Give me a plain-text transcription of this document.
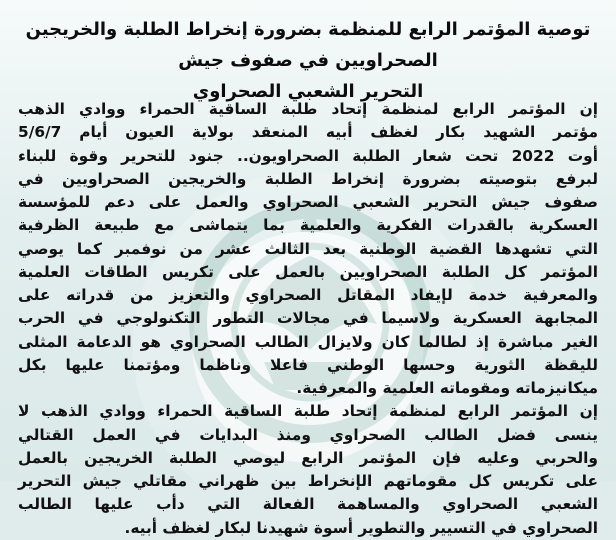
توصية المؤتمر الرابع للمنظمة بضرورة إنخراط الطلبة والخريجين الصحراويين في صفوف جيش
التحرير الشعبي الصحراوي
إن المؤتمر الرابع لمنظمة إتحاد طلبة الساقية الحمراء ووادي الذهب
مؤتمر الشهيد بكار لغظف أبيه المنعقد بولاية العيون أيام 5/6/7
أوت 2022 تحت شعار الطلبة الصحراويون.. جنود للتحرير وقوة للبناء
لبرفع بتوصيته بضرورة إنخراط الطلبة والخريجين الصحراويين في
صفوف جيش التحرير الشعبي الصحراوي والعمل على دعم للمؤسسة
العسكرية بالقدرات الفكرية والعلمية بما يتماشى مع طبيعة الظرفية
التي تشهدها القضية الوطنية بعد الثالث عشر من نوفمبر كما يوصي
المؤتمر كل الطلبة الصحراويين بالعمل على تكريس الطاقات العلمية
والمعرفية خدمة لإيفاد المقاتل الصحراوي والتعزيز من قدراته على
المجابهة العسكرية ولاسيما في مجالات التطور التكنولوجي في الحرب
الغير مباشرة إذ لطالما كان ولايزال الطالب الصحراوي هو الدعامة المثلى
لليقظة الثورية وحسها الوطني فاعلا وناظما ومؤتمنا عليها بكل
ميكانيزماته ومقوماته العلمية والمعرفية.
إن المؤتمر الرابع لمنظمة إتحاد طلبة الساقية الحمراء ووادي الذهب لا
ينسى فضل الطالب الصحراوي ومنذ البدايات في العمل القتالي
والحربي وعليه فإن المؤتمر الرابع ليوصي الطلبة الخريجين بالعمل
على تكريس كل مقوماتهم الإنخراط بين ظهراني مقاتلي جيش التحرير
الشعبي الصحراوي والمساهمة الفعالة التي دأب عليها الطالب
الصحراوي في التسيير والتطوير أسوة شهيدنا لبكار لغظف أبيه.
